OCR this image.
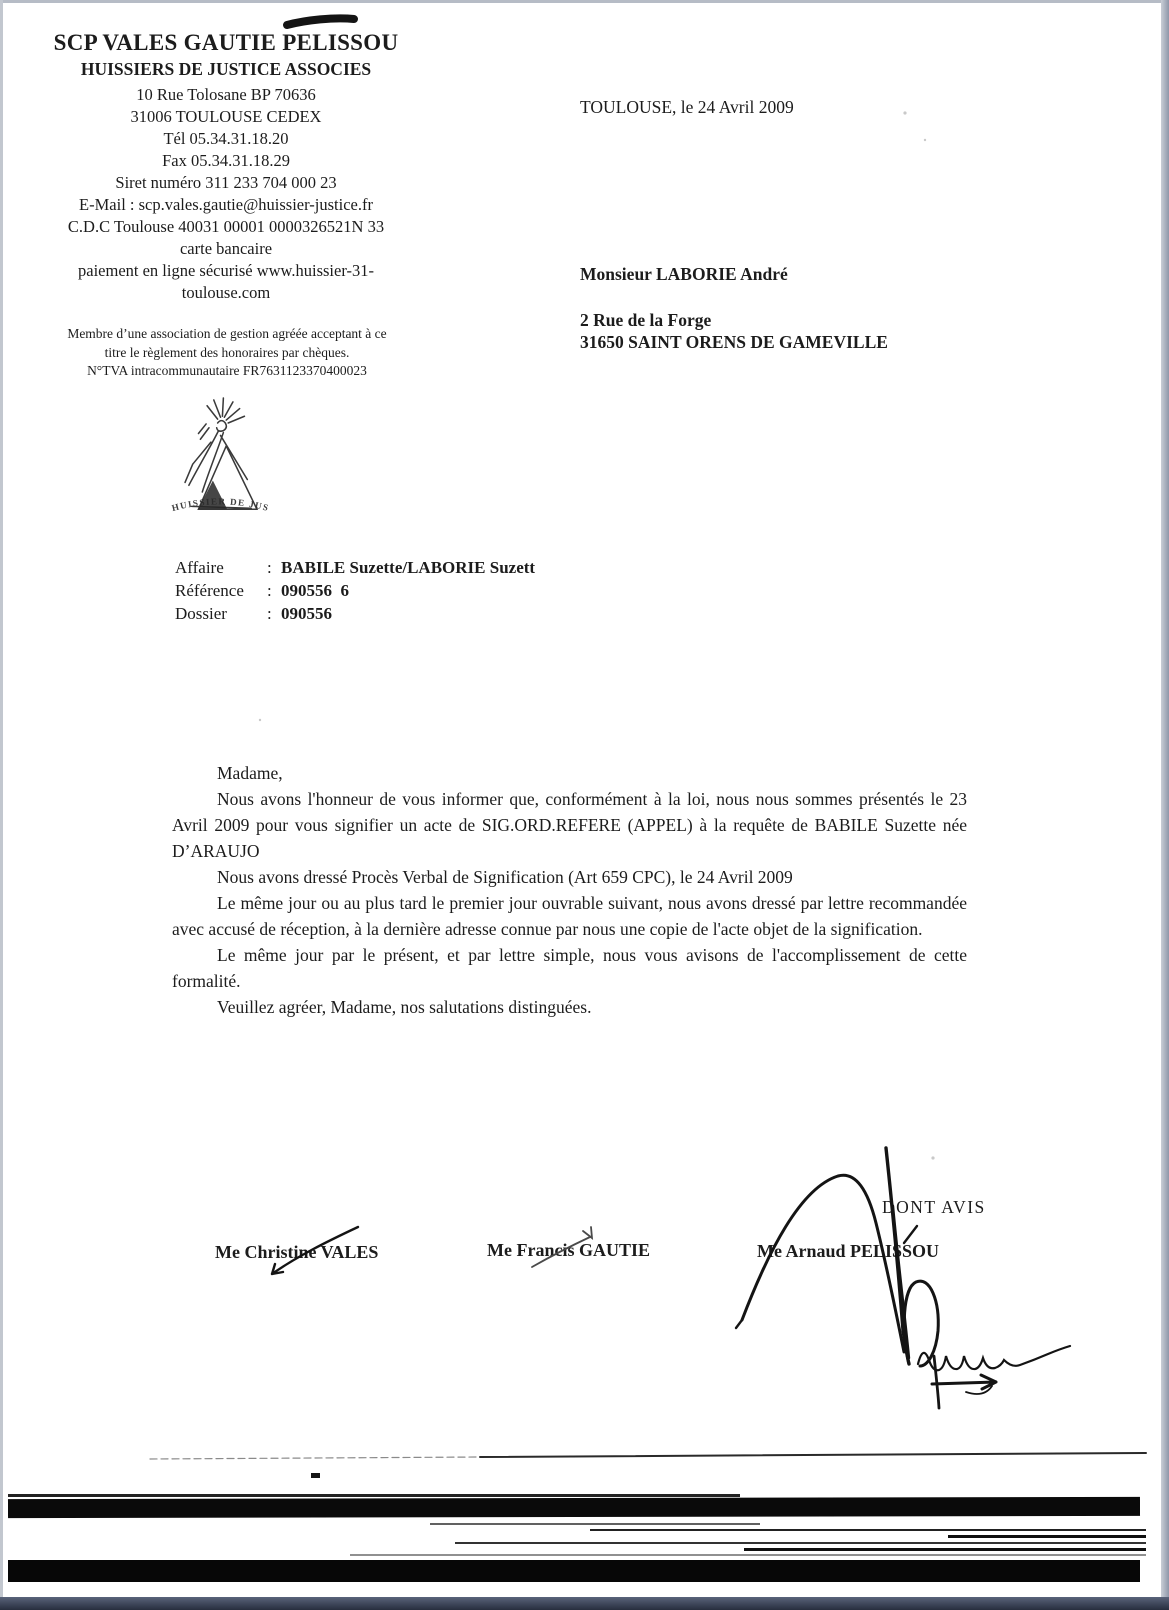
SCP VALES GAUTIE PELISSOU
HUISSIERS DE JUSTICE ASSOCIES
10 Rue Tolosane BP 70636
31006 TOULOUSE CEDEX
Tél 05.34.31.18.20
Fax 05.34.31.18.29
Siret numéro 311 233 704 000 23
E-Mail : scp.vales.gautie@huissier-justice.fr
C.D.C Toulouse 40031 00001 0000326521N 33
carte bancaire
paiement en ligne sécurisé www.huissier-31-
toulouse.com
Membre d’une association de gestion agréée acceptant à ce
titre le règlement des honoraires par chèques.
N°TVA intracommunautaire FR7631123370400023
TOULOUSE, le 24 Avril 2009
Monsieur LABORIE André
2 Rue de la Forge
31650 SAINT ORENS DE GAMEVILLE
HUISSIER DE JUS
Affaire	: BABILE Suzette/LABORIE Suzett
Référence : 090556  6
Dossier : 090556

Madame,

Nous avons l'honneur de vous informer que, conformément à la loi, nous nous sommes présentés le 23 Avril 2009 pour vous signifier un acte de SIG.ORD.REFERE (APPEL) à la requête de BABILE Suzette née D’ARAUJO

Nous avons dressé Procès Verbal de Signification (Art 659 CPC), le 24 Avril 2009

Le même jour ou au plus tard le premier jour ouvrable suivant, nous avons dressé par lettre recommandée avec accusé de réception, à la dernière adresse connue par nous une copie de l'acte objet de la signification.

Le même jour par le présent, et par lettre simple, nous vous avisons de l'accomplissement de cette formalité.

Veuillez agréer, Madame, nos salutations distinguées.

DONT AVIS
Me Christine VALES	Me Francis GAUTIE	Me Arnaud PELISSOU
